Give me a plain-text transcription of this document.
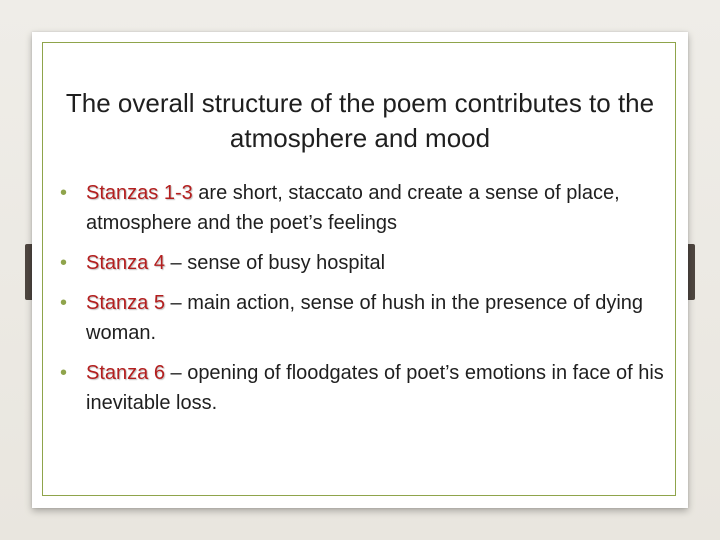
The overall structure of the poem contributes to the atmosphere and mood
• Stanzas 1-3 are short, staccato and create a sense of place, atmosphere and the poet’s feelings
• Stanza 4 – sense of busy hospital
• Stanza 5 – main action, sense of hush in the presence of dying woman.
• Stanza 6 – opening of floodgates of poet’s emotions in face of his inevitable loss.
